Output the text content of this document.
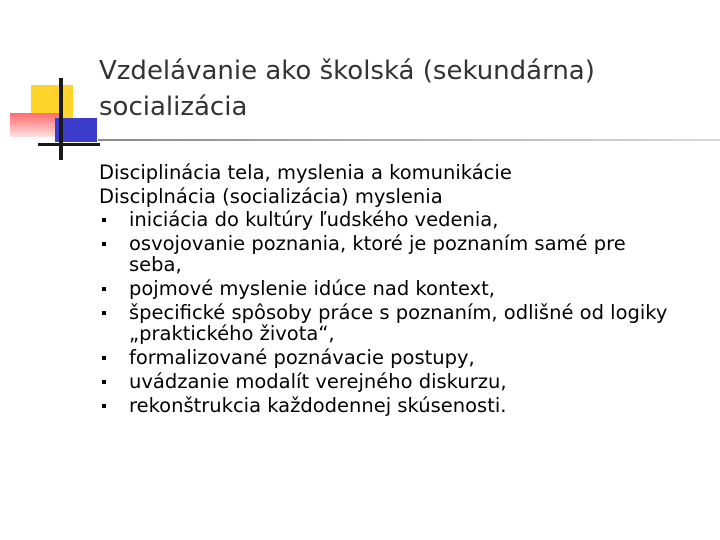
Vzdelávanie ako školská (sekundárna) socializácia

Disciplinácia tela, myslenia a komunikácie

Disciplnácia (socializácia) myslenia

iniciácia do kultúry ľudského vedenia,
osvojovanie poznania, ktoré je poznaním samé pre seba,
pojmové myslenie idúce nad kontext,
špecifické spôsoby práce s poznaním, odlišné od logiky „praktického života“,
formalizované poznávacie postupy,
uvádzanie modalít verejného diskurzu,
rekonštrukcia každodennej skúsenosti.
